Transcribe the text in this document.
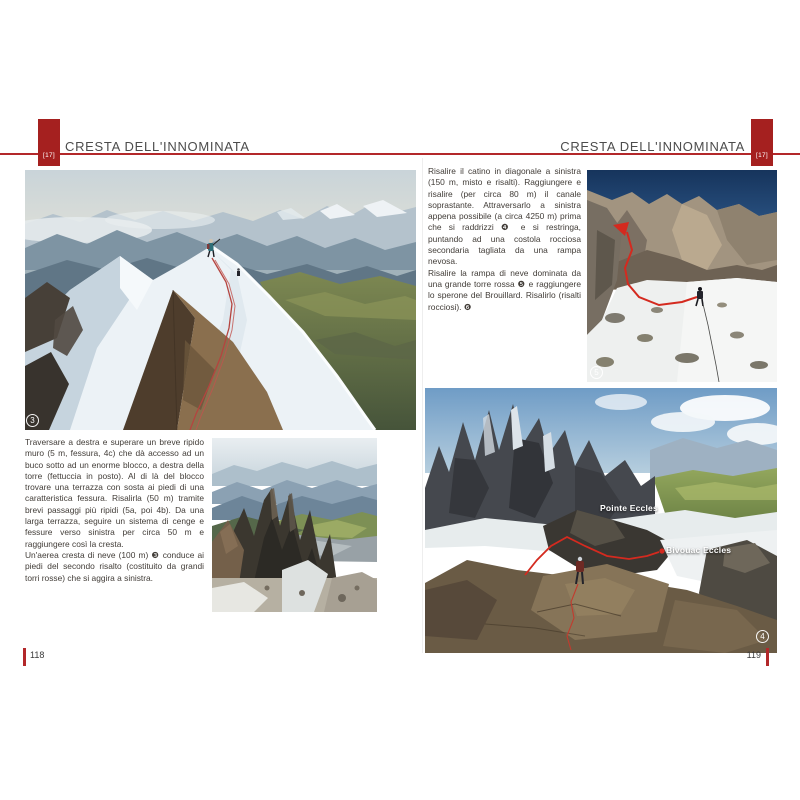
[17]
CRESTA DELL'INNOMINATA	CRESTA DELL'INNOMINATA
[17]
3

Traversare a destra e superare un breve ripido muro (5 m, fessura, 4c) che dà accesso ad un buco sotto ad un enorme blocco, a destra della torre (fettuccia in posto). Al di là del blocco trovare una terrazza con sosta ai piedi di una caratteristica fessura. Risalirla (50 m) tramite brevi passaggi più ripidi (5a, poi 4b). Da una larga terrazza, seguire un sistema di cenge e fessure verso sinistra per circa 50 m e raggiungere così la cresta.

Un'aerea cresta di neve (100 m) ❸ conduce ai piedi del secondo risalto (costituito da grandi torri rosse) che si aggira a sinistra.

Risalire il catino in diagonale a sinistra (150 m, misto e risalti). Raggiungere e risalire (per circa 80 m) il canale soprastante. Attraversarlo a sinistra appena possibile (a circa 4250 m) prima che si raddrizzi ❹ e si restringa, puntando ad una costola rocciosa secondaria tagliata da una rampa nevosa.

Risalire la rampa di neve dominata da una grande torre rossa ❺ e raggiungere lo sperone del Brouillard. Risalirlo (risalti rocciosi). ❻

5
Pointe Eccles
Bivouac Eccles
4
118	119
